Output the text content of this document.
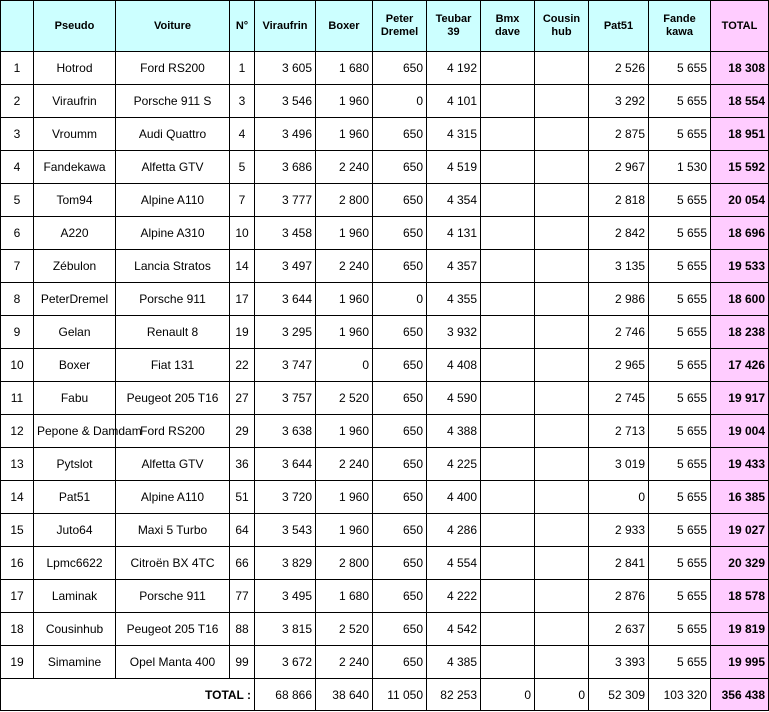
	Pseudo	Voiture	N°	Viraufrin	Boxer	Peter Dremel	Teubar 39	Bmx dave	Cousin hub	Pat51	Fande kawa	TOTAL
1	Hotrod	Ford RS200	1	3 605	1 680	650	4 192			2 526	5 655	18 308
2	Viraufrin	Porsche 911 S	3	3 546	1 960	0	4 101			3 292	5 655	18 554
3	Vroumm	Audi Quattro	4	3 496	1 960	650	4 315			2 875	5 655	18 951
4	Fandekawa	Alfetta GTV	5	3 686	2 240	650	4 519			2 967	1 530	15 592
5	Tom94	Alpine A110	7	3 777	2 800	650	4 354			2 818	5 655	20 054
6	A220	Alpine A310	10	3 458	1 960	650	4 131			2 842	5 655	18 696
7	Zébulon	Lancia Stratos	14	3 497	2 240	650	4 357			3 135	5 655	19 533
8	PeterDremel	Porsche 911	17	3 644	1 960	0	4 355			2 986	5 655	18 600
9	Gelan	Renault 8	19	3 295	1 960	650	3 932			2 746	5 655	18 238
10	Boxer	Fiat 131	22	3 747	0	650	4 408			2 965	5 655	17 426
11	Fabu	Peugeot 205 T16	27	3 757	2 520	650	4 590			2 745	5 655	19 917
12	Pepone & Damdam	Ford RS200	29	3 638	1 960	650	4 388			2 713	5 655	19 004
13	Pytslot	Alfetta GTV	36	3 644	2 240	650	4 225			3 019	5 655	19 433
14	Pat51	Alpine A110	51	3 720	1 960	650	4 400			0	5 655	16 385
15	Juto64	Maxi 5 Turbo	64	3 543	1 960	650	4 286			2 933	5 655	19 027
16	Lpmc6622	Citroën BX 4TC	66	3 829	2 800	650	4 554			2 841	5 655	20 329
17	Laminak	Porsche 911	77	3 495	1 680	650	4 222			2 876	5 655	18 578
18	Cousinhub	Peugeot 205 T16	88	3 815	2 520	650	4 542			2 637	5 655	19 819
19	Simamine	Opel Manta 400	99	3 672	2 240	650	4 385			3 393	5 655	19 995
TOTAL :				68 866	38 640	11 050	82 253	0	0	52 309	103 320	356 438
